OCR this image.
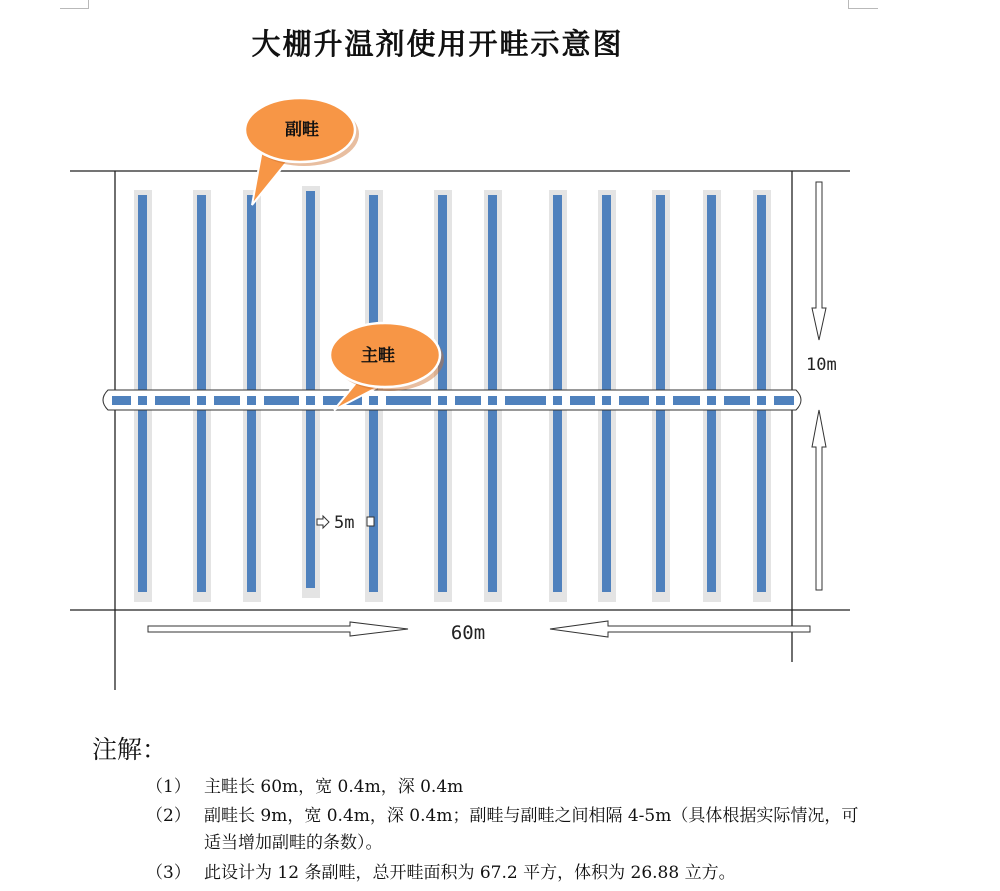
大棚升温剂使用开畦示意图
副畦
主畦
5m
10m
60m
注解：
（1） 主畦长 60m，宽 0.4m，深 0.4m
（2） 副畦长 9m，宽 0.4m，深 0.4m；副畦与副畦之间相隔 4-5m（具体根据实际情况，可适当增加副畦的条数）。
（3） 此设计为 12 条副畦，总开畦面积为 67.2 平方，体积为 26.88 立方。
